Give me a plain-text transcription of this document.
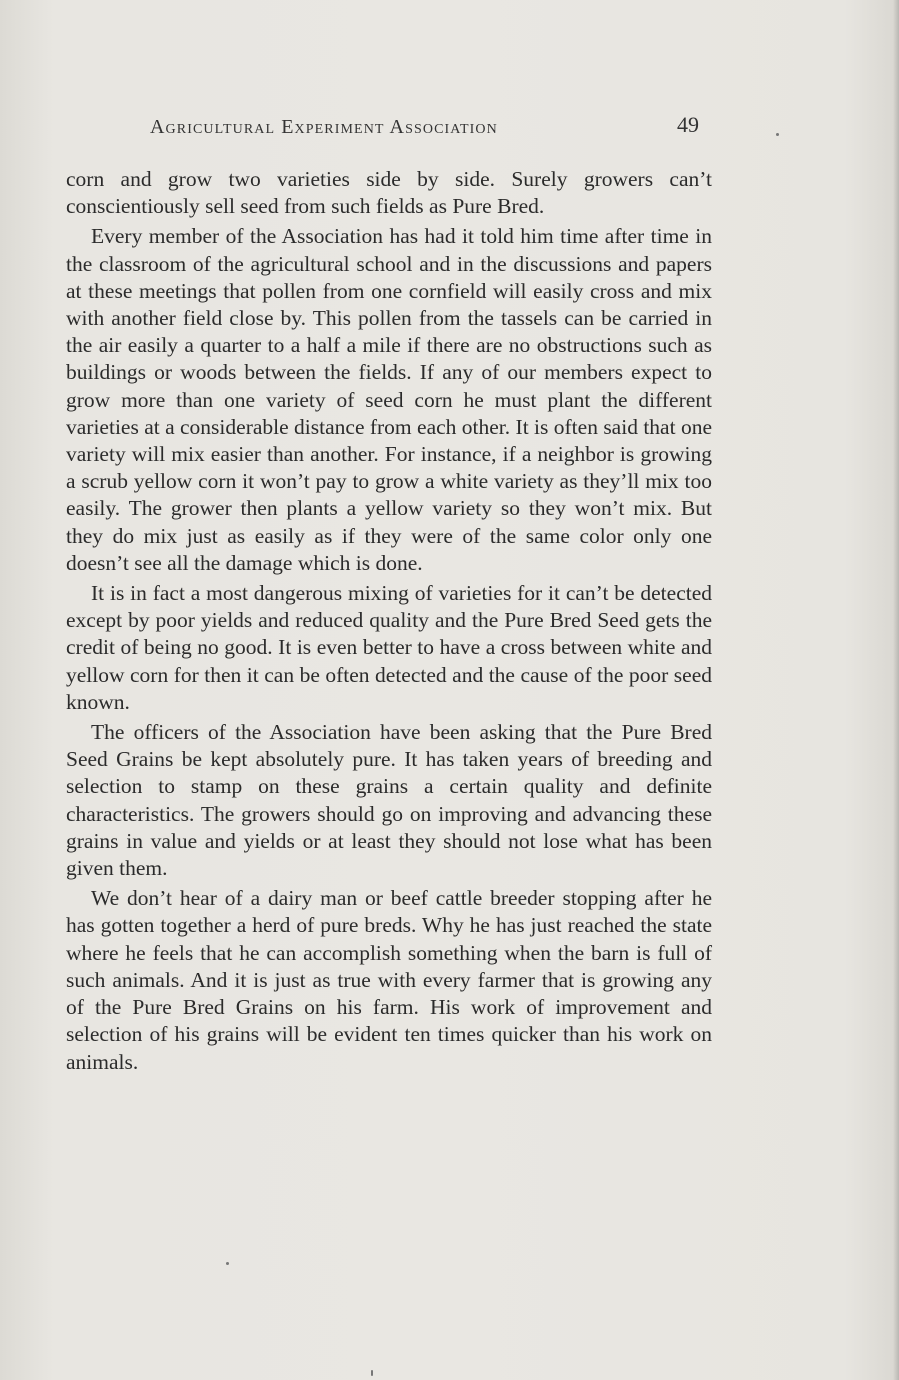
Agricultural Experiment Association	49

corn and grow two varieties side by side. Surely growers can’t conscientiously sell seed from such fields as Pure Bred.

Every member of the Association has had it told him time after time in the classroom of the agricultural school and in the discussions and papers at these meetings that pollen from one cornfield will easily cross and mix with another field close by. This pollen from the tassels can be carried in the air easily a quarter to a half a mile if there are no obstructions such as buildings or woods between the fields. If any of our members expect to grow more than one variety of seed corn he must plant the different varieties at a considerable distance from each other. It is often said that one variety will mix easier than another. For instance, if a neighbor is growing a scrub yellow corn it won’t pay to grow a white variety as they’ll mix too easily. The grower then plants a yellow variety so they won’t mix. But they do mix just as easily as if they were of the same color only one doesn’t see all the damage which is done.

It is in fact a most dangerous mixing of varieties for it can’t be detected except by poor yields and reduced quality and the Pure Bred Seed gets the credit of being no good. It is even better to have a cross between white and yellow corn for then it can be often detected and the cause of the poor seed known.

The officers of the Association have been asking that the Pure Bred Seed Grains be kept absolutely pure. It has taken years of breeding and selection to stamp on these grains a certain quality and definite characteristics. The growers should go on improving and advancing these grains in value and yields or at least they should not lose what has been given them.

We don’t hear of a dairy man or beef cattle breeder stopping after he has gotten together a herd of pure breds. Why he has just reached the state where he feels that he can accomplish something when the barn is full of such animals. And it is just as true with every farmer that is growing any of the Pure Bred Grains on his farm. His work of improvement and selection of his grains will be evident ten times quicker than his work on animals.
